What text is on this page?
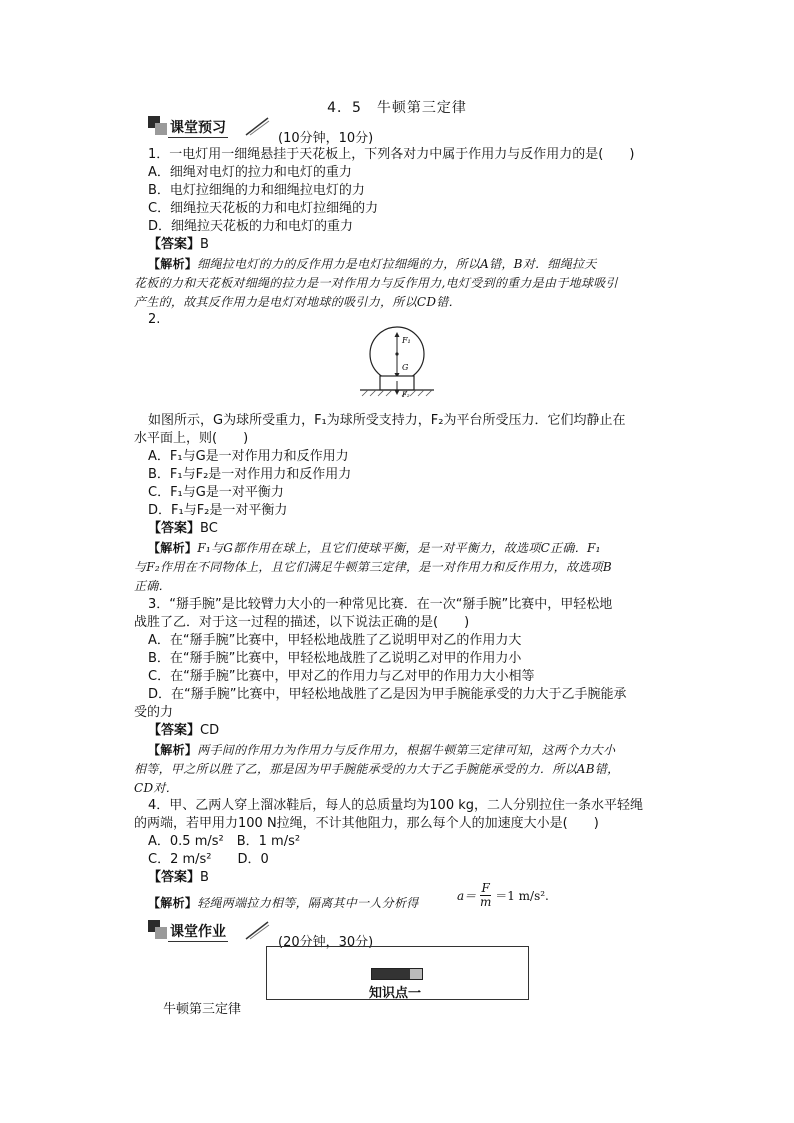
4．5　牛顿第三定律
课堂预习
(10分钟，10分)
1．一电灯用一细绳悬挂于天花板上，下列各对力中属于作用力与反作用力的是(　　)
A．细绳对电灯的拉力和电灯的重力
B．电灯拉细绳的力和细绳拉电灯的力
C．细绳拉天花板的力和电灯拉细绳的力
D．细绳拉天花板的力和电灯的重力
【答案】B
【解析】细绳拉电灯的力的反作用力是电灯拉细绳的力，所以A错，B对．细绳拉天
花板的力和天花板对细绳的拉力是一对作用力与反作用力,电灯受到的重力是由于地球吸引
产生的，故其反作用力是电灯对地球的吸引力，所以CD错．
2.
F₁
G
F₂
如图所示，G为球所受重力，F₁为球所受支持力，F₂为平台所受压力．它们均静止在
水平面上，则(　　)
A．F₁与G是一对作用力和反作用力
B．F₁与F₂是一对作用力和反作用力
C．F₁与G是一对平衡力
D．F₁与F₂是一对平衡力
【答案】BC
【解析】F₁与G都作用在球上，且它们使球平衡，是一对平衡力，故选项C正确．F₁
与F₂作用在不同物体上，且它们满足牛顿第三定律，是一对作用力和反作用力，故选项B
正确．
3．“掰手腕”是比较臂力大小的一种常见比赛．在一次“掰手腕”比赛中，甲轻松地
战胜了乙．对于这一过程的描述，以下说法正确的是(　　)
A．在“掰手腕”比赛中，甲轻松地战胜了乙说明甲对乙的作用力大
B．在“掰手腕”比赛中，甲轻松地战胜了乙说明乙对甲的作用力小
C．在“掰手腕”比赛中，甲对乙的作用力与乙对甲的作用力大小相等
D．在“掰手腕”比赛中，甲轻松地战胜了乙是因为甲手腕能承受的力大于乙手腕能承
受的力
【答案】CD
【解析】两手间的作用力为作用力与反作用力，根据牛顿第三定律可知，这两个力大小
相等，甲之所以胜了乙，那是因为甲手腕能承受的力大于乙手腕能承受的力．所以AB错，
CD对．
4．甲、乙两人穿上溜冰鞋后，每人的总质量均为100 kg，二人分别拉住一条水平轻绳
的两端，若甲用力100 N拉绳，不计其他阻力，那么每个人的加速度大小是(　　)
A．0.5 m/s²　B．1 m/s²
C．2 m/s²　　D．0
【答案】B
【解析】轻绳两端拉力相等，隔离其中一人分析得	$a= \frac{F}{m} =1$ m/s².
课堂作业
(20分钟，30分)
知识点一
牛顿第三定律
